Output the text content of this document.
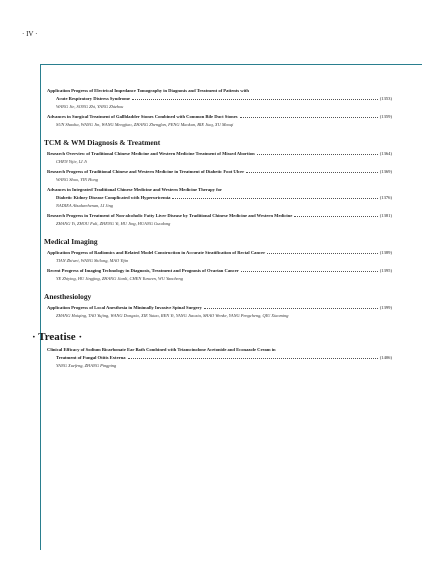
· IV ·
Application Progress of Electrical Impedance Tomography in Diagnosis and Treatment of Patients with
Acute Respiratory Distress Syndrome	(1353)
WANG Jie, SONG Zhi, YANG Zhizhou
Advances in Surgical Treatment of Gallbladder Stones Combined with Common Bile Duct Stones	(1359)
SUN Shaoha, WANG Jin, WANG Mengjiao, ZHANG Zhengfan, FENG Maokun, BIE Jiaq, XU Maoqi
TCM & WM Diagnosis & Treatment
Research Overview of Traditional Chinese Medicine and Western Medicine Treatment of Missed Abortion	(1364)
CHEN Yijie, LI Ji
Research Progress of Traditional Chinese and Western Medicine in Treatment of Diabetic Foot Ulcer	(1369)
WANG Shuo, YIN Hong
Advances in Integrated Traditional Chinese Medicine and Western Medicine Therapy for
Diabetic Kidney Disease Complicated with Hyperuricemia	(1376)
NADIEA Abudurehenan, LI Jing
Research Progress in Treatment of Non-alcoholic Fatty Liver Disease by Traditional Chinese Medicine and Western Medicine	(1381)
ZHANG Yi, ZHOU Fuli, ZHENG Yi, HU Jing, HUANG Guodong
Medical Imaging
Application Progress of Radiomics and Related Model Construction in Accurate Stratification of Rectal Cancer	(1389)
TIAN Zhiwei, WANG Shilong, MAO Yijin
Recent Progress of Imaging Technology in Diagnosis, Treatment and Prognosis of Ovarian Cancer	(1395)
YE Zhiying, HU Jingjing, ZHANG Jianli, CHEN Yunwen, WU Yancheng
Anesthesiology
Application Progress of Local Anesthesia in Minimally Invasive Spinal Surgery	(1399)
ZHANG Haiqing, TAO Yujing, WANG Dongxia, XIE Yutao, REN Yi, YANG Jiaoxia, SHAO Wenke, YANG Pengcheng, QIU Xiaoming
· Treatise ·
Clinical Efficacy of Sodium Bicarbonate Ear Bath Combined with Triamcinolone Acetonide and Econazole Cream in
Treatment of Fungal Otitis Externa	(1406)
YANG Xuefeng, ZHANG Pingping
